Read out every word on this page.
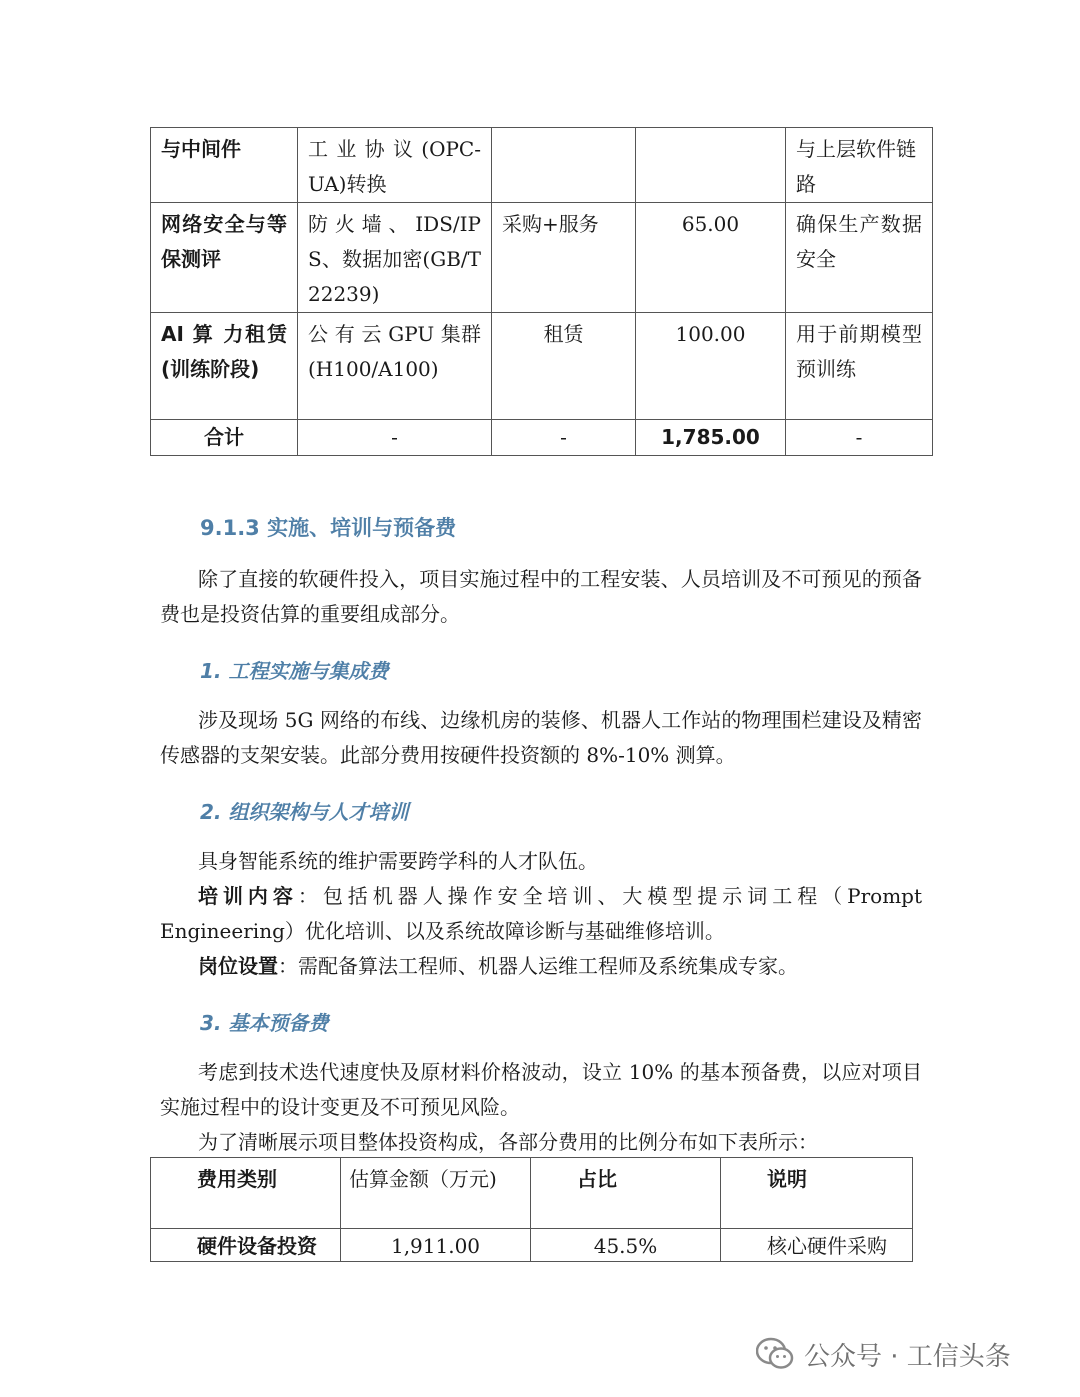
与中间件	工 业 协 议 (OPC-UA)转换			与上层软件链路
网络安全与等保测评	防 火 墙 、 IDS/IPS、数据加密(GB/T 22239)	采购+服务	65.00	确保生产数据安全
AI 算 力租赁(训练阶段)	公 有 云 GPU 集群 (H100/A100)	租赁	100.00	用于前期模型预训练
合计	-	-	1,785.00	-
9.1.3 实施、培训与预备费
除了直接的软硬件投入，项目实施过程中的工程安装、人员培训及不可预见的预备费也是投资估算的重要组成部分。
1. 工程实施与集成费
涉及现场 5G 网络的布线、边缘机房的装修、机器人工作站的物理围栏建设及精密传感器的支架安装。此部分费用按硬件投资额的 8%-10% 测算。
2. 组织架构与人才培训
具身智能系统的维护需要跨学科的人才队伍。
培训内容：包括机器人操作安全培训、大模型提示词工程（Prompt Engineering）优化培训、以及系统故障诊断与基础维修培训。
岗位设置：需配备算法工程师、机器人运维工程师及系统集成专家。
3. 基本预备费
考虑到技术迭代速度快及原材料价格波动，设立 10% 的基本预备费，以应对项目实施过程中的设计变更及不可预见风险。
为了清晰展示项目整体投资构成，各部分费用的比例分布如下表所示：
费用类别	估算金额（万元)	占比	说明
硬件设备投资	1,911.00	45.5%	核心硬件采购
公众号 · 工信头条
